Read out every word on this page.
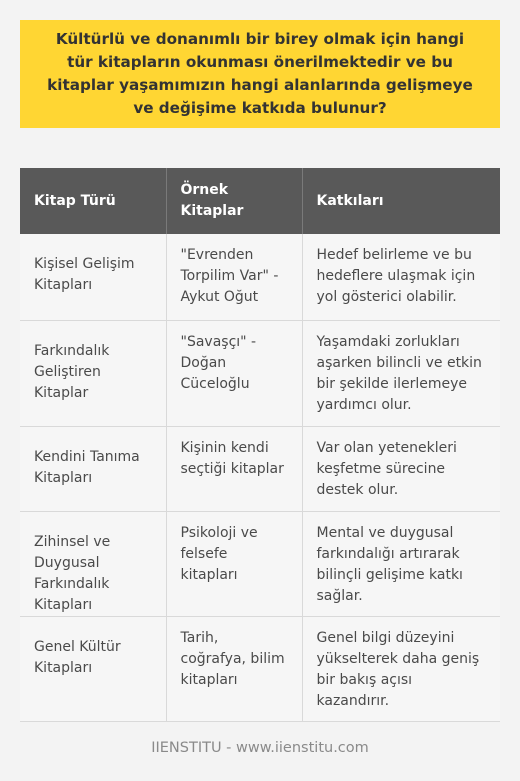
Kültürlü ve donanımlı bir birey olmak için hangi tür kitapların okunması önerilmektedir ve bu kitaplar yaşamımızın hangi alanlarında gelişmeye ve değişime katkıda bulunur?
Kitap Türü	Örnek Kitaplar	Katkıları
Kişisel Gelişim Kitapları	"Evrenden Torpilim Var" - Aykut Oğut	Hedef belirleme ve bu hedeflere ulaşmak için yol gösterici olabilir.
Farkındalık Geliştiren Kitaplar	"Savaşçı" - Doğan Cüceloğlu	Yaşamdaki zorlukları aşarken bilincli ve etkin bir şekilde ilerlemeye yardımcı olur.
Kendini Tanıma Kitapları	Kişinin kendi seçtiği kitaplar	Var olan yetenekleri keşfetme sürecine destek olur.
Zihinsel ve Duygusal Farkındalık Kitapları	Psikoloji ve felsefe kitapları	Mental ve duygusal farkındalığı artırarak bilinçli gelişime katkı sağlar.
Genel Kültür Kitapları	Tarih, coğrafya, bilim kitapları	Genel bilgi düzeyini yükselterek daha geniş bir bakış açısı kazandırır.
IIENSTITU - www.iienstitu.com
